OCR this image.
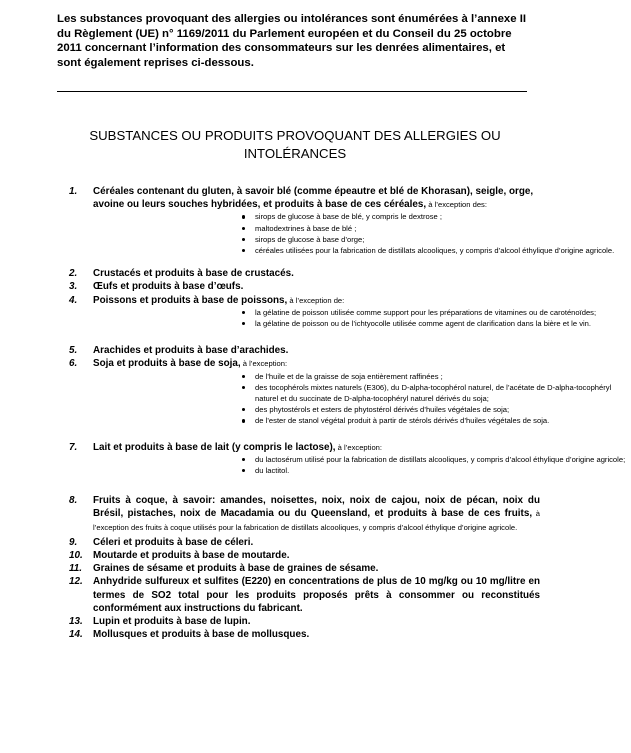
Les substances provoquant des allergies ou intolérances sont énumérées à l’annexe II du Règlement (UE) n° 1169/2011 du Parlement européen et du Conseil du 25 octobre 2011 concernant l’information des consommateurs sur les denrées alimentaires, et sont également reprises ci-dessous.
SUBSTANCES OU PRODUITS PROVOQUANT DES ALLERGIES OU INTOLÉRANCES
1.	Céréales contenant du gluten, à savoir blé (comme épeautre et blé de Khorasan), seigle, orge, avoine ou leurs souches hybridées, et produits à base de ces céréales, à l’exception des:
sirops de glucose à base de blé, y compris le dextrose ;
maltodextrines à base de blé ;
sirops de glucose à base d’orge;
céréales utilisées pour la fabrication de distillats alcooliques, y compris d’alcool éthylique d’origine agricole.
2.	Crustacés et produits à base de crustacés.
3.	Œufs et produits à base d’œufs.
4.	Poissons et produits à base de poissons, à l’exception de:
la gélatine de poisson utilisée comme support pour les préparations de vitamines ou de caroténoïdes;
la gélatine de poisson ou de l’ichtyocolle utilisée comme agent de clarification dans la bière et le vin.
5.	Arachides et produits à base d’arachides.
6.	Soja et produits à base de soja, à l’exception:
de l’huile et de la graisse de soja entièrement raffinées ;
des tocophérols mixtes naturels (E306), du D-alpha-tocophérol naturel, de l’acétate de D-alpha-tocophéryl naturel et du succinate de D-alpha-tocophéryl naturel dérivés du soja;
des phytostérols et esters de phytostérol dérivés d’huiles végétales de soja;
de l’ester de stanol végétal produit à partir de stérols dérivés d’huiles végétales de soja.
7.	Lait et produits à base de lait (y compris le lactose), à l’exception:
du lactosérum utilisé pour la fabrication de distillats alcooliques, y compris d’alcool éthylique d’origine agricole;
du lactitol.
8.	Fruits à coque, à savoir: amandes, noisettes, noix, noix de cajou, noix de pécan, noix du Brésil, pistaches, noix de Macadamia ou du Queensland, et produits à base de ces fruits, à l’exception des fruits à coque utilisés pour la fabrication de distillats alcooliques, y compris d’alcool éthylique d’origine agricole.
9.	Céleri et produits à base de céleri.
10.	Moutarde et produits à base de moutarde.
11.	Graines de sésame et produits à base de graines de sésame.
12.	Anhydride sulfureux et sulfites (E220) en concentrations de plus de 10 mg/kg ou 10 mg/litre en termes de SO2 total pour les produits proposés prêts à consommer ou reconstitués conformément aux instructions du fabricant.
13.	Lupin et produits à base de lupin.
14.	Mollusques et produits à base de mollusques.
